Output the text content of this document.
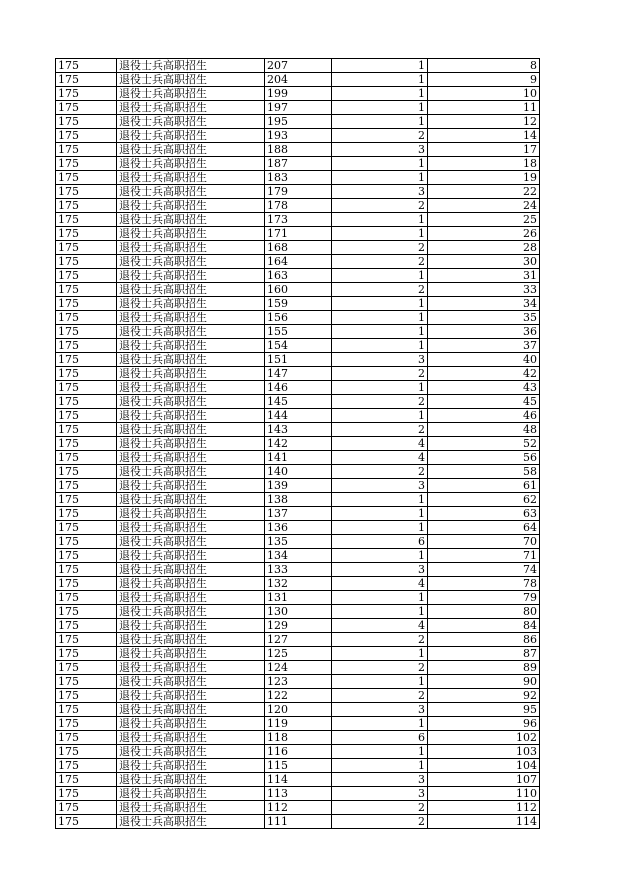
175	退役士兵高职招生	207	1	8
175	退役士兵高职招生	204	1	9
175	退役士兵高职招生	199	1	10
175	退役士兵高职招生	197	1	11
175	退役士兵高职招生	195	1	12
175	退役士兵高职招生	193	2	14
175	退役士兵高职招生	188	3	17
175	退役士兵高职招生	187	1	18
175	退役士兵高职招生	183	1	19
175	退役士兵高职招生	179	3	22
175	退役士兵高职招生	178	2	24
175	退役士兵高职招生	173	1	25
175	退役士兵高职招生	171	1	26
175	退役士兵高职招生	168	2	28
175	退役士兵高职招生	164	2	30
175	退役士兵高职招生	163	1	31
175	退役士兵高职招生	160	2	33
175	退役士兵高职招生	159	1	34
175	退役士兵高职招生	156	1	35
175	退役士兵高职招生	155	1	36
175	退役士兵高职招生	154	1	37
175	退役士兵高职招生	151	3	40
175	退役士兵高职招生	147	2	42
175	退役士兵高职招生	146	1	43
175	退役士兵高职招生	145	2	45
175	退役士兵高职招生	144	1	46
175	退役士兵高职招生	143	2	48
175	退役士兵高职招生	142	4	52
175	退役士兵高职招生	141	4	56
175	退役士兵高职招生	140	2	58
175	退役士兵高职招生	139	3	61
175	退役士兵高职招生	138	1	62
175	退役士兵高职招生	137	1	63
175	退役士兵高职招生	136	1	64
175	退役士兵高职招生	135	6	70
175	退役士兵高职招生	134	1	71
175	退役士兵高职招生	133	3	74
175	退役士兵高职招生	132	4	78
175	退役士兵高职招生	131	1	79
175	退役士兵高职招生	130	1	80
175	退役士兵高职招生	129	4	84
175	退役士兵高职招生	127	2	86
175	退役士兵高职招生	125	1	87
175	退役士兵高职招生	124	2	89
175	退役士兵高职招生	123	1	90
175	退役士兵高职招生	122	2	92
175	退役士兵高职招生	120	3	95
175	退役士兵高职招生	119	1	96
175	退役士兵高职招生	118	6	102
175	退役士兵高职招生	116	1	103
175	退役士兵高职招生	115	1	104
175	退役士兵高职招生	114	3	107
175	退役士兵高职招生	113	3	110
175	退役士兵高职招生	112	2	112
175	退役士兵高职招生	111	2	114
